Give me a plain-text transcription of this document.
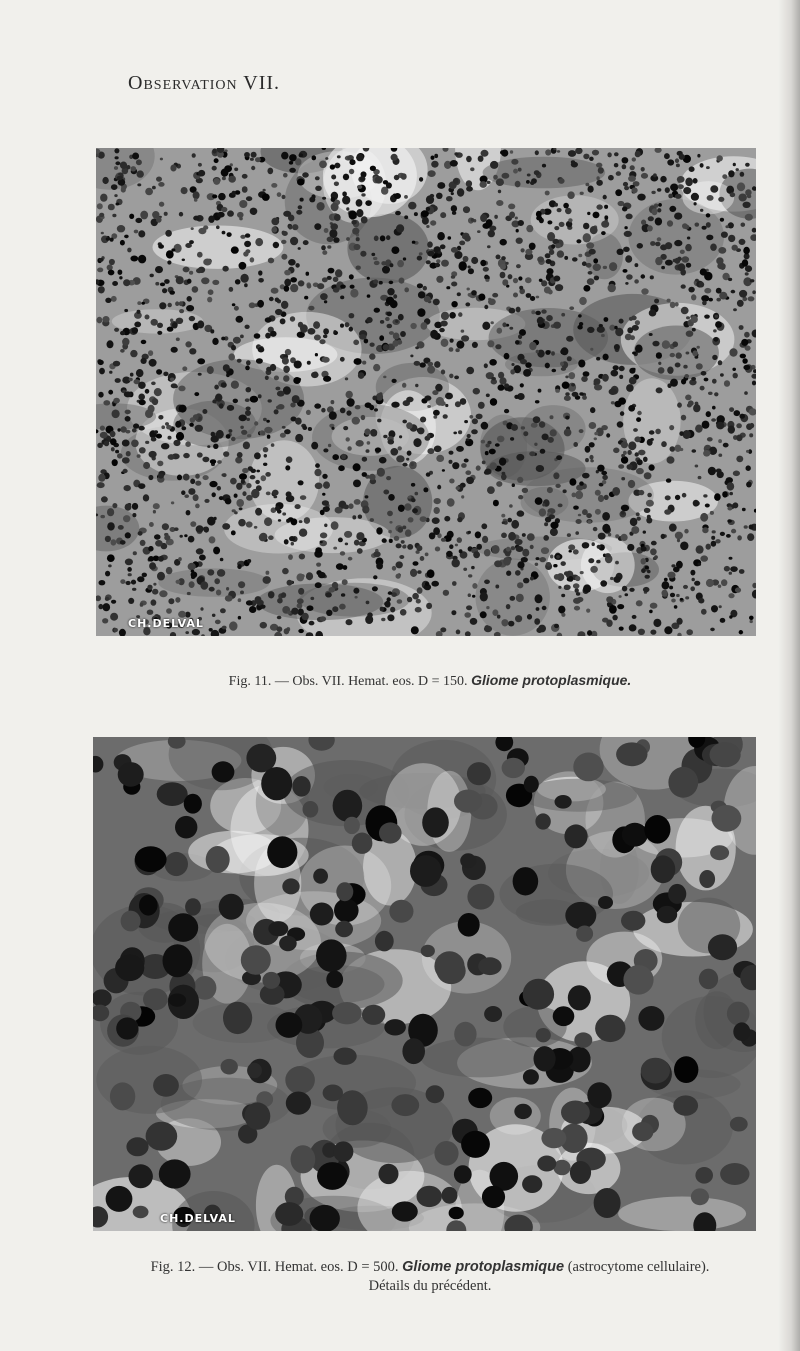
Observation VII.
CH.DELVAL
Fig. 11. — Obs. VII. Hemat. eos. D = 150. Gliome protoplasmique.
CH.DELVAL
Fig. 12. — Obs. VII. Hemat. eos. D = 500. Gliome protoplasmique (astrocytome cellulaire).
Détails du précédent.
